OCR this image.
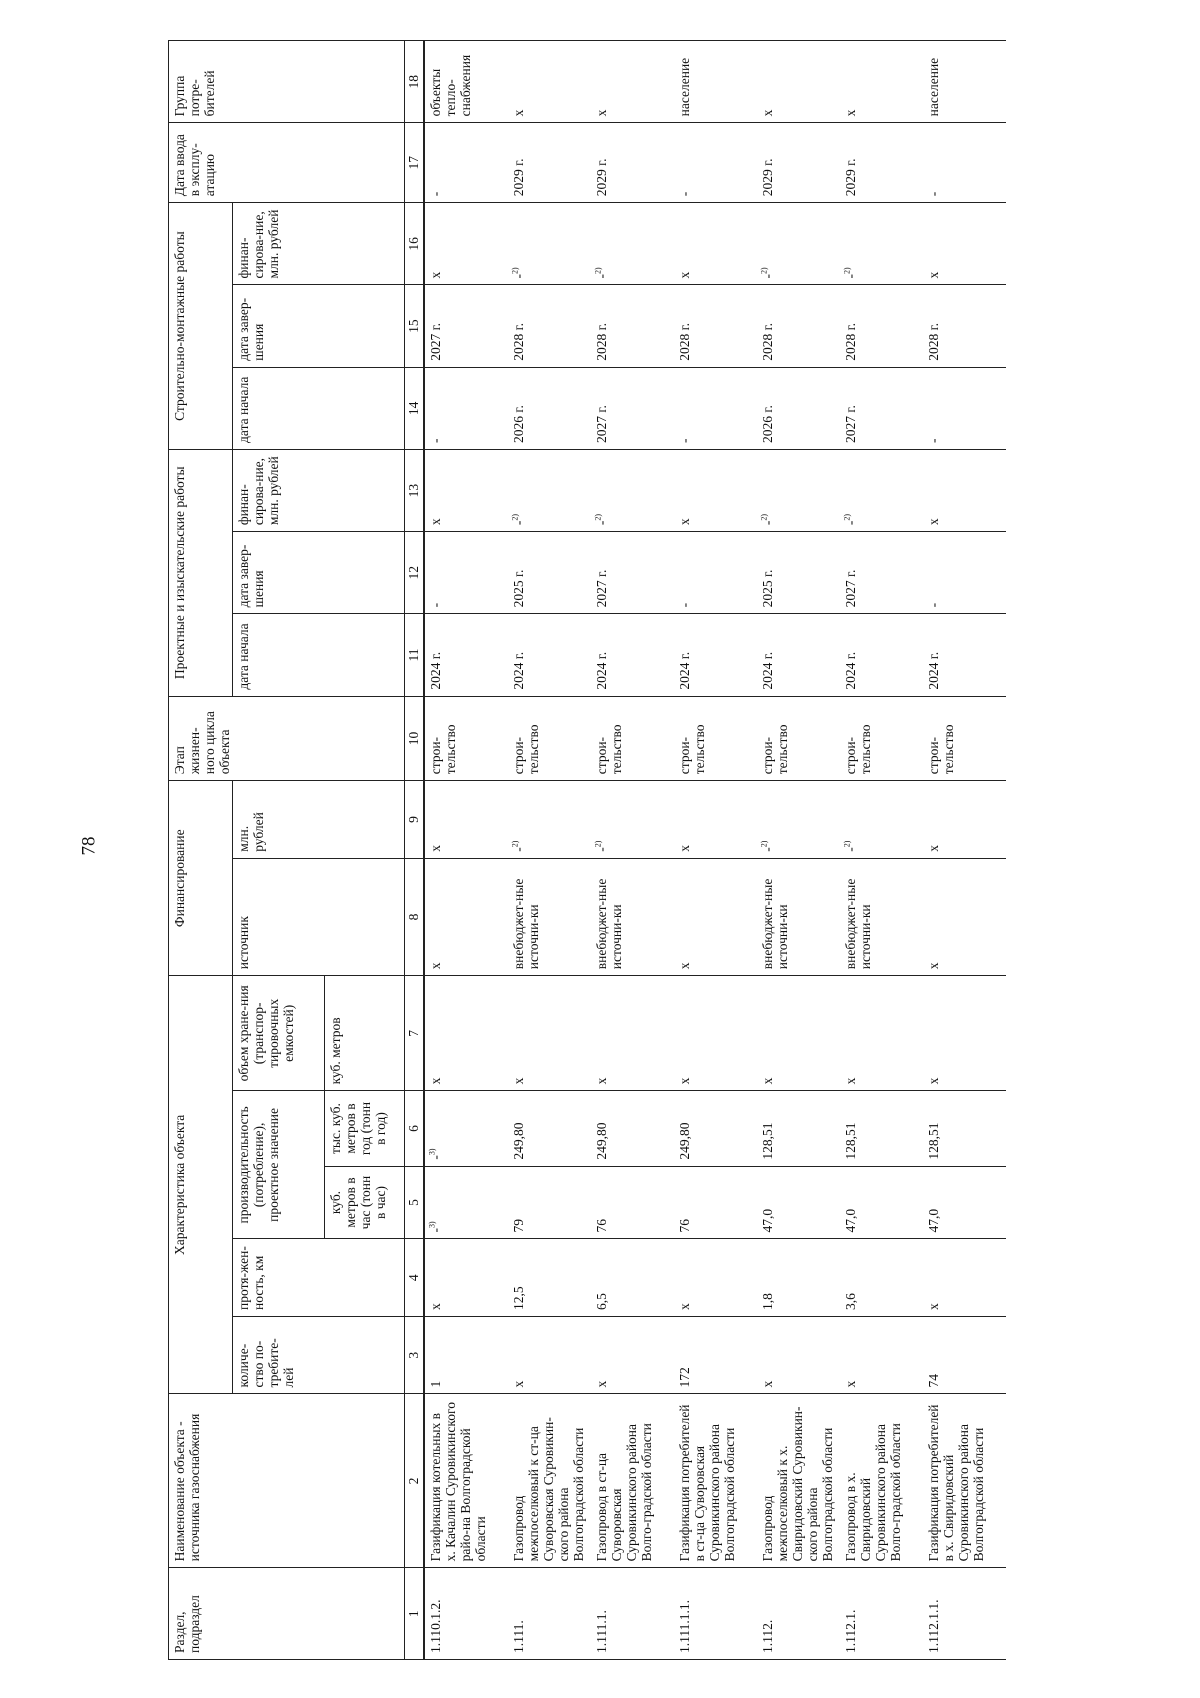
78
Раздел, подраздел	Наименование объекта - источника газоснабжения	Характеристика объекта					Финансирование		Этап жизнен-ного цикла объекта	Проектные и изыскательские работы			Строительно-монтажные работы			Дата ввода в эксплу-атацию	Группа потре-бителей
		количе-ство по-требите-лей	протя-жен-ность, км	производительность (потребление), проектное значение		объем хране-ния (транспор-тировочных емкостей)	источник	млн. рублей		дата начала	дата завер-шения	финан-сирова-ние, млн. рублей	дата начала	дата завер-шения	финан-сирова-ние, млн. рублей		
				куб. метров в час (тонн в час)	тыс. куб. метров в год (тонн в год)	куб. метров											
1	2	3	4	5	6	7	8	9	10	11	12	13	14	15	16	17	18
1.110.1.2.	Газификация котельных в х. Качалин Суровикинского райо-на Волгоградской области	1	х	-$^{3)}$	-$^{3)}$	х	х	х	строи-тельство	2024 г.	-	х	-	2027 г.	х	-	объекты тепло-снабжения
1.111.	Газопровод межпоселковый к ст-ца Суворовская Суровикин-ского района Волгоградской области	х	12,5	79	249,80	х	внебюджет-ные источни-ки	-$^{2)}$	строи-тельство	2024 г.	2025 г.	-$^{2)}$	2026 г.	2028 г.	-$^{2)}$	2029 г.	х
1.111.1.	Газопровод в ст-ца Суворовская Суровикинского района Волго-градской области	х	6,5	76	249,80	х	внебюджет-ные источни-ки	-$^{2)}$	строи-тельство	2024 г.	2027 г.	-$^{2)}$	2027 г.	2028 г.	-$^{2)}$	2029 г.	х
1.111.1.1.	Газификация потребителей в ст-ца Суворовская Суровикинского района Волгоградской области	172	х	76	249,80	х	х	х	строи-тельство	2024 г.	-	х	-	2028 г.	х	-	население
1.112.	Газопровод межпоселковый к х. Свиридовский Суровикин-ского района Волгоградской области	х	1,8	47,0	128,51	х	внебюджет-ные источни-ки	-$^{2)}$	строи-тельство	2024 г.	2025 г.	-$^{2)}$	2026 г.	2028 г.	-$^{2)}$	2029 г.	х
1.112.1.	Газопровод в х. Свиридовский Суровикинского района Волго-градской области	х	3,6	47,0	128,51	х	внебюджет-ные источни-ки	-$^{2)}$	строи-тельство	2024 г.	2027 г.	-$^{2)}$	2027 г.	2028 г.	-$^{2)}$	2029 г.	х
1.112.1.1.	Газификация потребителей в х. Свиридовский Суровикинского района Волгоградской области	74	х	47,0	128,51	х	х	х	строи-тельство	2024 г.	-	х	-	2028 г.	х	-	население
